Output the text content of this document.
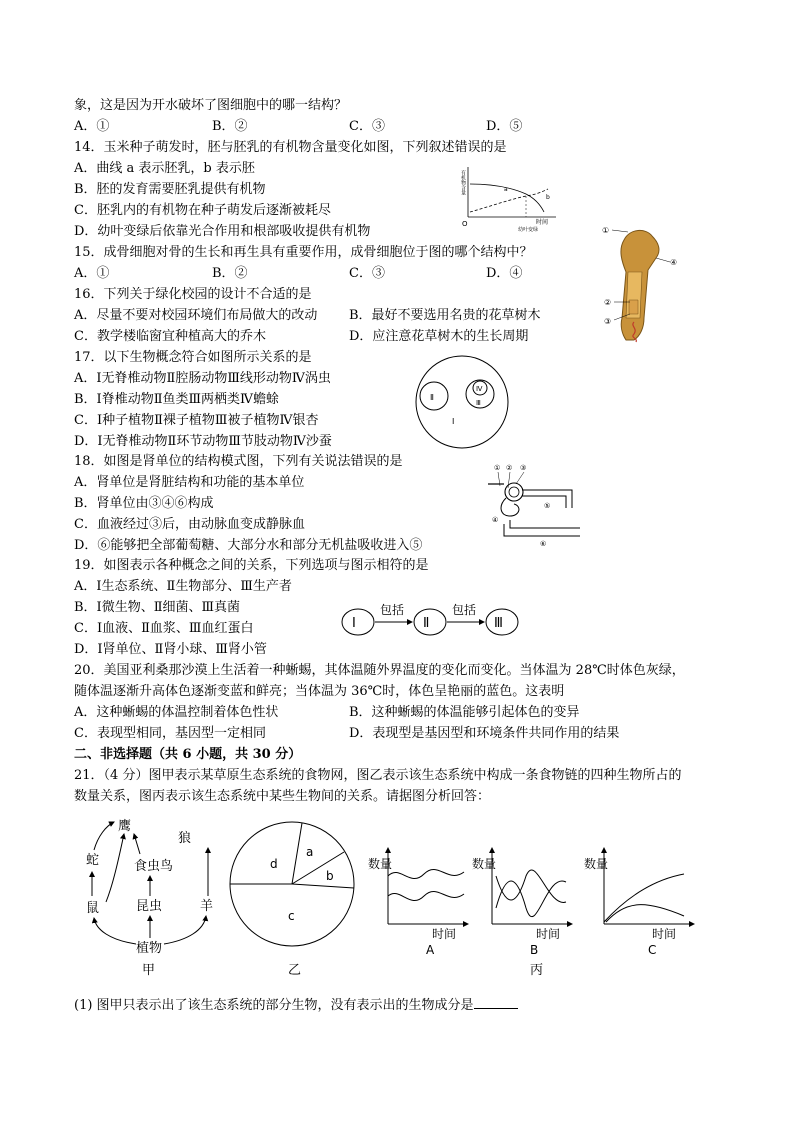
象，这是因为开水破坏了图细胞中的哪一结构？
A．①	B．②	C．③	D．⑤
14．玉米种子萌发时，胚与胚乳的有机物含量变化如图，下列叙述错误的是
A．曲线 a 表示胚乳，b 表示胚
B．胚的发育需要胚乳提供有机物
C．胚乳内的有机物在种子萌发后逐渐被耗尽
D．幼叶变绿后依靠光合作用和根部吸收提供有机物	O
a
b
时间
幼叶变绿
有机物含量
15．成骨细胞对骨的生长和再生具有重要作用，成骨细胞位于图的哪个结构中？
A．①	B．②	C．③	D．④
①
④
②
③
16．下列关于绿化校园的设计不合适的是
A．尽量不要对校园环境们布局做大的改动 B．最好不要选用名贵的花草树木
C．教学楼临窗宜种植高大的乔木	D．应注意花草树木的生长周期
17．以下生物概念符合如图所示关系的是
A．Ⅰ无脊椎动物Ⅱ腔肠动物Ⅲ线形动物Ⅳ涡虫
B．Ⅰ脊椎动物Ⅱ鱼类Ⅲ两栖类Ⅳ蟾蜍
C．Ⅰ种子植物Ⅱ裸子植物Ⅲ被子植物Ⅳ银杏
D．Ⅰ无脊椎动物Ⅱ环节动物Ⅲ节肢动物Ⅳ沙蚕
Ⅱ
Ⅳ
Ⅲ
Ⅰ
18．如图是肾单位的结构模式图，下列有关说法错误的是
A．肾单位是肾脏结构和功能的基本单位
B．肾单位由③④⑥构成
C．血液经过③后，由动脉血变成静脉血
D．⑥能够把全部葡萄糖、大部分水和部分无机盐吸收进入⑤
① ② ③
⑤
④
⑥
19．如图表示各种概念之间的关系，下列选项与图示相符的是
A．Ⅰ生态系统、Ⅱ生物部分、Ⅲ生产者
B．Ⅰ微生物、Ⅱ细菌、Ⅲ真菌
C．Ⅰ血液、Ⅱ血浆、Ⅲ血红蛋白
D．Ⅰ肾单位、Ⅱ肾小球、Ⅲ肾小管
Ⅰ	Ⅱ	Ⅲ
包括	包括
20．美国亚利桑那沙漠上生活着一种蜥蜴，其体温随外界温度的变化而变化。当体温为 28℃时体色灰绿，
随体温逐渐升高体色逐渐变蓝和鲜亮；当体温为 36℃时，体色呈艳丽的蓝色。这表明
A．这种蜥蜴的体温控制着体色性状	B．这种蜥蜴的体温能够引起体色的变异
C．表现型相同，基因型一定相同	D．表现型是基因型和环境条件共同作用的结果
二、非选择题（共 6 小题，共 30 分）
21．（4 分）图甲表示某草原生态系统的食物网，图乙表示该生态系统中构成一条食物链的四种生物所占的
数量关系，图丙表示该生态系统中某些生物间的关系。请据图分析回答：
鹰
狼
蛇	食虫鸟
鼠	昆虫	羊
植物
甲
a
b
c
d
乙
数量
时间
A
数量
时间
B
数量
时间
C
丙
(1) 图甲只表示出了该生态系统的部分生物，没有表示出的生物成分是
